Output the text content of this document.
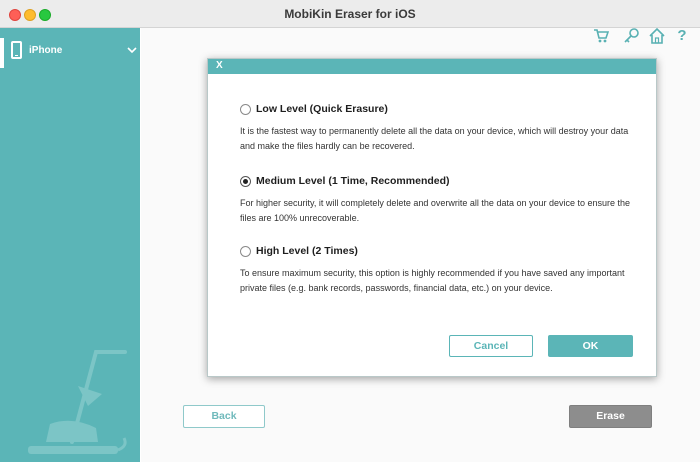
MobiKin Eraser for iOS
iPhone
?
X
Low Level (Quick Erasure)
It is the fastest way to permanently delete all the data on your device, which will destroy your data and make the files hardly can be recovered.
Medium Level (1 Time, Recommended)
For higher security, it will completely delete and overwrite all the data on your device to ensure the files are 100% unrecoverable.
High Level (2 Times)
To ensure maximum security, this option is highly recommended if you have saved any important private files (e.g. bank records, passwords, financial data, etc.) on your device.
Cancel	OK
Back	Erase
